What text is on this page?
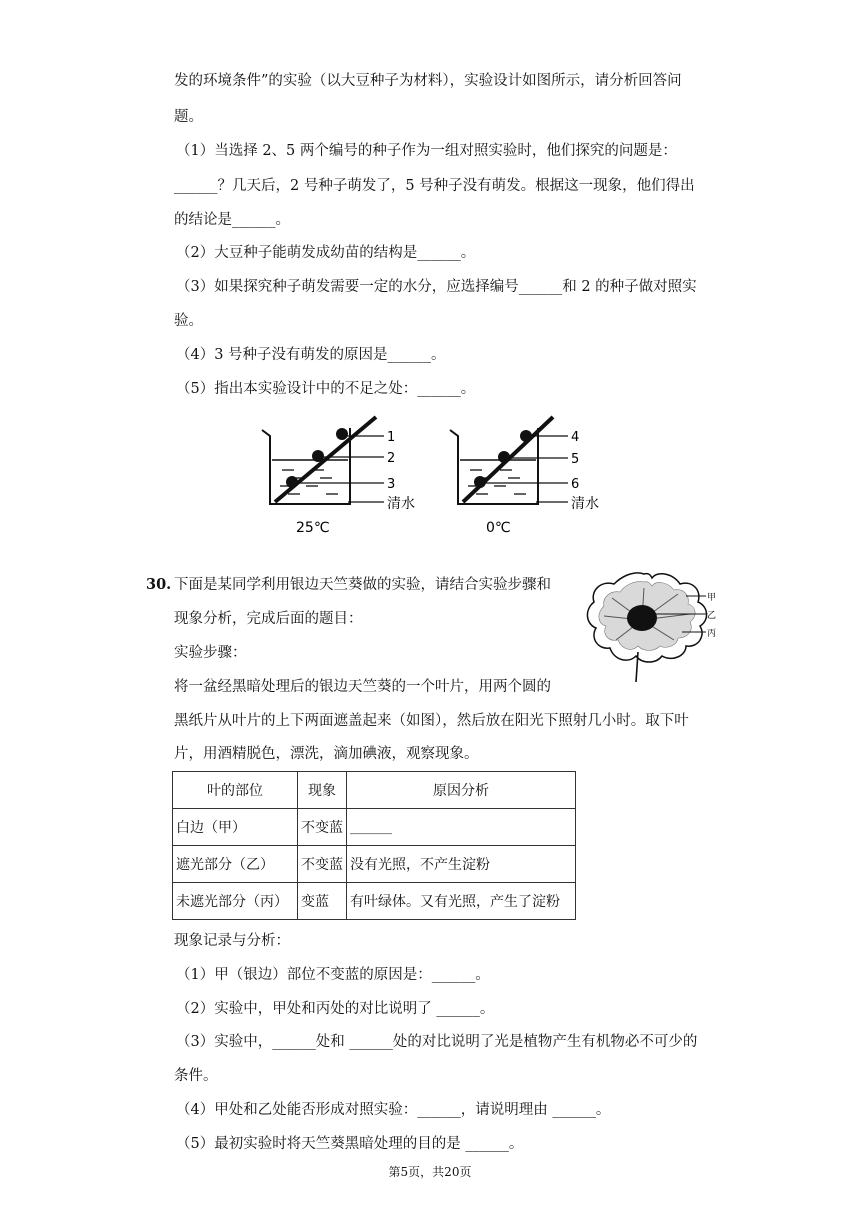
发的环境条件”的实验（以大豆种子为材料），实验设计如图所示，请分析回答问
题。
（1）当选择 2、5 两个编号的种子作为一组对照实验时，他们探究的问题是：
______？几天后，2 号种子萌发了，5 号种子没有萌发。根据这一现象，他们得出
的结论是______。
（2）大豆种子能萌发成幼苗的结构是______。
（3）如果探究种子萌发需要一定的水分，应选择编号______和 2 的种子做对照实
验。
（4）3 号种子没有萌发的原因是______。
（5）指出本实验设计中的不足之处：______。
1
2
3
清水
25℃
4
5
6
清水
0℃
30. 下面是某同学利用银边天竺葵做的实验，请结合实验步骤和
现象分析，完成后面的题目：
实验步骤：
将一盆经黑暗处理后的银边天竺葵的一个叶片，用两个圆的
黑纸片从叶片的上下两面遮盖起来（如图），然后放在阳光下照射几小时。取下叶
片，用酒精脱色，漂洗，滴加碘液，观察现象。
甲
乙
丙
叶的部位	现象	原因分析
白边（甲）	不变蓝	______
遮光部分（乙）	不变蓝	没有光照，不产生淀粉
未遮光部分（丙）	变蓝	有叶绿体。又有光照，产生了淀粉
现象记录与分析：
（1）甲（银边）部位不变蓝的原因是：______。
（2）实验中，甲处和丙处的对比说明了 ______。
（3）实验中，______处和 ______处的对比说明了光是植物产生有机物必不可少的
条件。
（4）甲处和乙处能否形成对照实验：______，请说明理由 ______。
（5）最初实验时将天竺葵黑暗处理的目的是 ______。
第5页，共20页
